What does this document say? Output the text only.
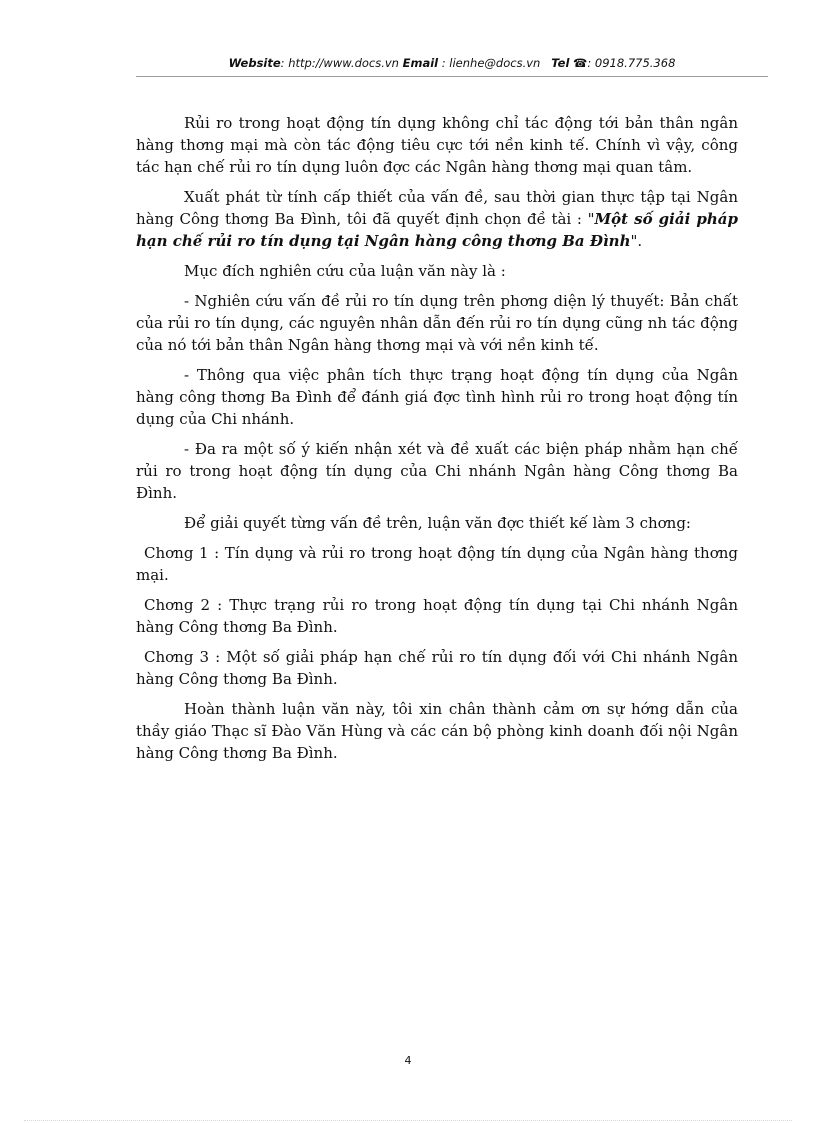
Website: http://www.docs.vn Email : lienhe@docs.vn Tel ☎: 0918.775.368

Rủi ro trong hoạt động tín dụng không chỉ tác động tới bản thân ngân hàng thơng mại mà còn tác động tiêu cực tới nền kinh tế. Chính vì vậy, công tác hạn chế rủi ro tín dụng luôn đợc các Ngân hàng thơng mại quan tâm.

Xuất phát từ tính cấp thiết của vấn đề, sau thời gian thực tập tại Ngân hàng Công thơng Ba Đình, tôi đã quyết định chọn đề tài : "Một số giải pháp hạn chế rủi ro tín dụng tại Ngân hàng công thơng Ba Đình".

Mục đích nghiên cứu của luận văn này là :

- Nghiên cứu vấn đề rủi ro tín dụng trên phơng diện lý thuyết: Bản chất của rủi ro tín dụng, các nguyên nhân dẫn đến rủi ro tín dụng cũng nh tác động của nó tới bản thân Ngân hàng thơng mại và với nền kinh tế.

- Thông qua việc phân tích thực trạng hoạt động tín dụng của Ngân hàng công thơng Ba Đình để đánh giá đợc tình hình rủi ro trong hoạt động tín dụng của Chi nhánh.

- Đa ra một số ý kiến nhận xét và đề xuất các biện pháp nhằm hạn chế rủi ro trong hoạt động tín dụng của Chi nhánh Ngân hàng Công thơng Ba Đình.

Để giải quyết từng vấn đề trên, luận văn đợc thiết kế làm 3 chơng:

Chơng 1 : Tín dụng và rủi ro trong hoạt động tín dụng của Ngân hàng thơng mại.

Chơng 2 : Thực trạng rủi ro trong hoạt động tín dụng tại Chi nhánh Ngân hàng Công thơng Ba Đình.

Chơng 3 : Một số giải pháp hạn chế rủi ro tín dụng đối với Chi nhánh Ngân hàng Công thơng Ba Đình.

Hoàn thành luận văn này, tôi xin chân thành cảm ơn sự hớng dẫn của thầy giáo Thạc sĩ Đào Văn Hùng và các cán bộ phòng kinh doanh đối nội Ngân hàng Công thơng Ba Đình.

4
